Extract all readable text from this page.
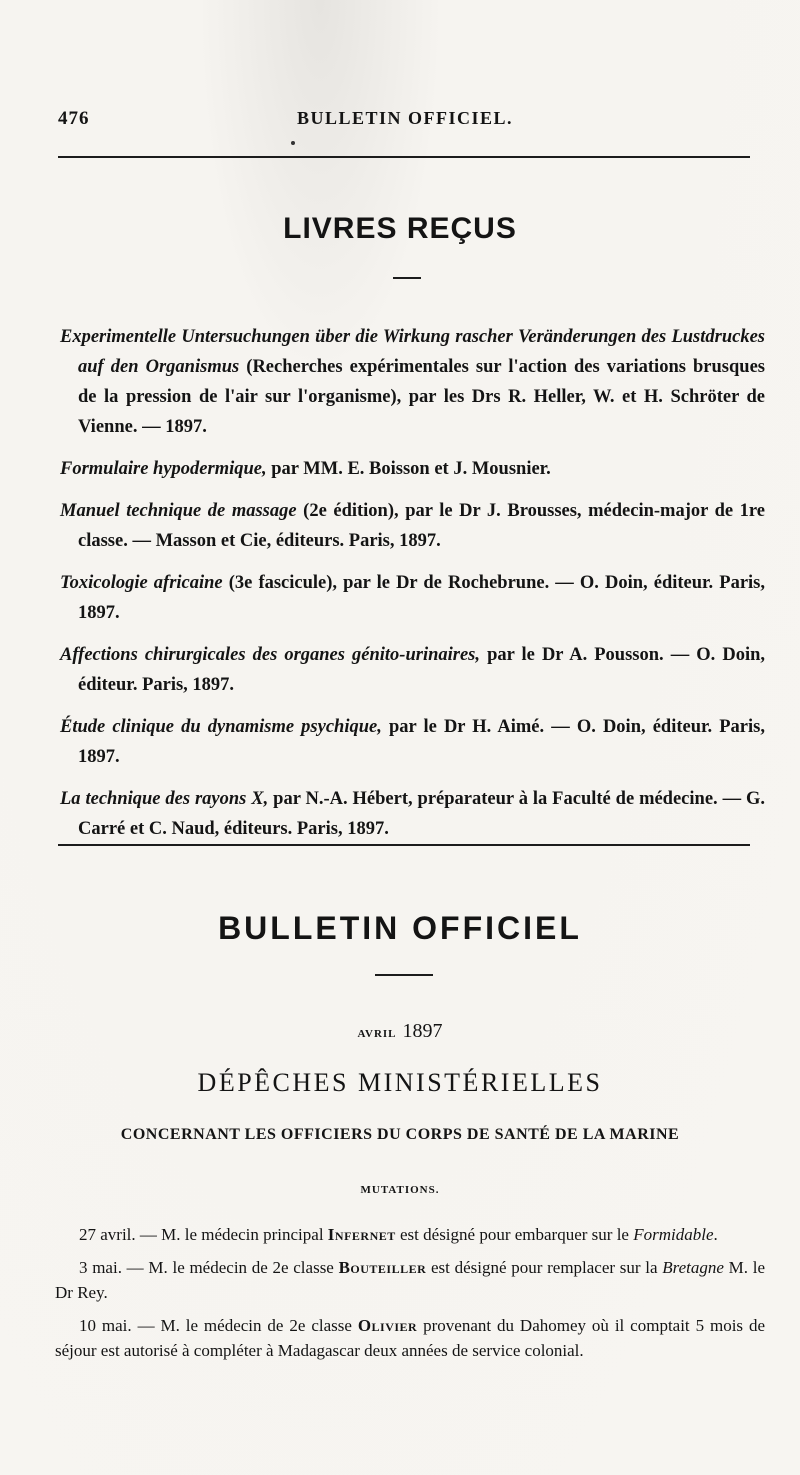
476	BULLETIN OFFICIEL.
LIVRES REÇUS

Experimentelle Untersuchungen über die Wirkung rascher Veränderungen des Lustdruckes auf den Organismus (Recherches expérimentales sur l'action des variations brusques de la pression de l'air sur l'organisme), par les Drs R. Heller, W. et H. Schröter de Vienne. — 1897.

Formulaire hypodermique, par MM. E. Boisson et J. Mousnier.

Manuel technique de massage (2e édition), par le Dr J. Brousses, médecin-major de 1re classe. — Masson et Cie, éditeurs. Paris, 1897.

Toxicologie africaine (3e fascicule), par le Dr de Rochebrune. — O. Doin, éditeur. Paris, 1897.

Affections chirurgicales des organes génito-urinaires, par le Dr A. Pousson. — O. Doin, éditeur. Paris, 1897.

Étude clinique du dynamisme psychique, par le Dr H. Aimé. — O. Doin, éditeur. Paris, 1897.

La technique des rayons X, par N.-A. Hébert, préparateur à la Faculté de médecine. — G. Carré et C. Naud, éditeurs. Paris, 1897.

BULLETIN OFFICIEL
AVRIL 1897
DÉPÊCHES MINISTÉRIELLES
CONCERNANT LES OFFICIERS DU CORPS DE SANTÉ DE LA MARINE
MUTATIONS.

27 avril. — M. le médecin principal Infernet est désigné pour embarquer sur le Formidable.

3 mai. — M. le médecin de 2e classe Bouteiller est désigné pour remplacer sur la Bretagne M. le Dr Rey.

10 mai. — M. le médecin de 2e classe Olivier provenant du Dahomey où il comptait 5 mois de séjour est autorisé à compléter à Madagascar deux années de service colonial.
